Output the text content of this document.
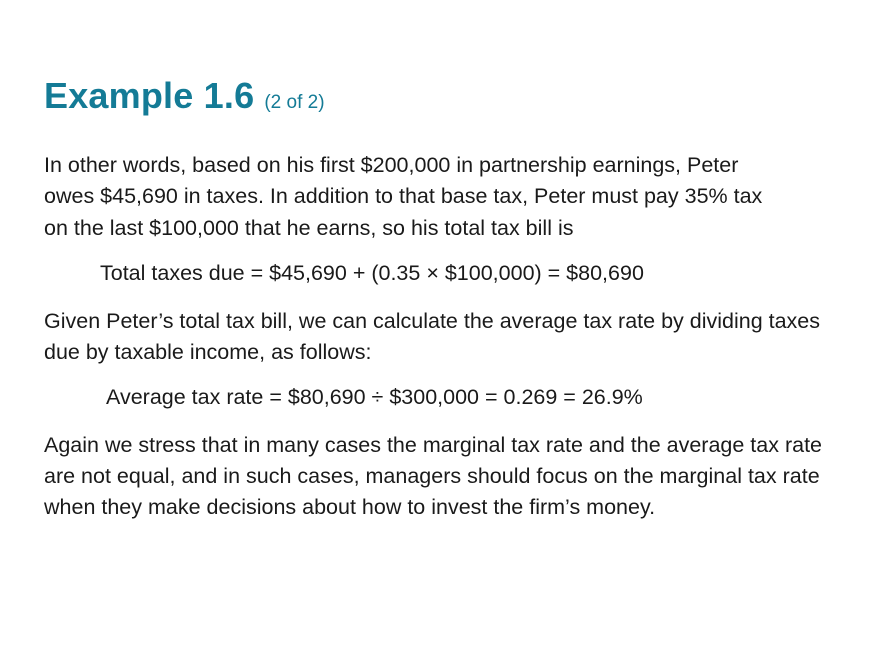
Example 1.6 (2 of 2)

In other words, based on his first $200,000 in partnership earnings, Peter owes $45,690 in taxes. In addition to that base tax, Peter must pay 35% tax on the last $100,000 that he earns, so his total tax bill is

Total taxes due = $45,690 + (0.35 × $100,000) = $80,690

Given Peter’s total tax bill, we can calculate the average tax rate by dividing taxes due by taxable income, as follows:

Average tax rate = $80,690 ÷ $300,000 = 0.269 = 26.9%

Again we stress that in many cases the marginal tax rate and the average tax rate are not equal, and in such cases, managers should focus on the marginal tax rate when they make decisions about how to invest the firm’s money.
